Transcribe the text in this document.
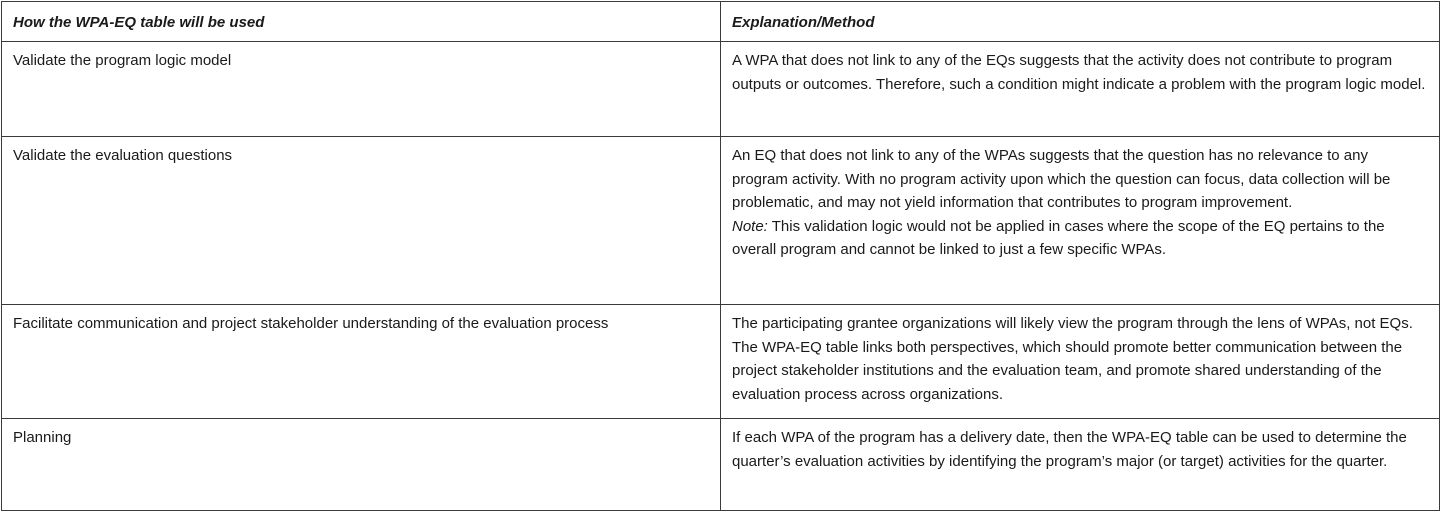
How the WPA-EQ table will be used	Explanation/Method
Validate the program logic model	A WPA that does not link to any of the EQs suggests that the activity does not contribute to program outputs or outcomes. Therefore, such a condition might indicate a problem with the program logic model.
Validate the evaluation questions	An EQ that does not link to any of the WPAs suggests that the question has no relevance to any program activity. With no program activity upon which the question can focus, data collection will be problematic, and may not yield information that contributes to program improvement.

Note: This validation logic would not be applied in cases where the scope of the EQ pertains to the overall program and cannot be linked to just a few specific WPAs.

Facilitate communication and project stakeholder understanding of the evaluation process	The participating grantee organizations will likely view the program through the lens of WPAs, not EQs. The WPA-EQ table links both perspectives, which should promote better communication between the project stakeholder institutions and the evaluation team, and promote shared understanding of the evaluation process across organizations.
Planning	If each WPA of the program has a delivery date, then the WPA-EQ table can be used to determine the quarter’s evaluation activities by identifying the program’s major (or target) activities for the quarter.
